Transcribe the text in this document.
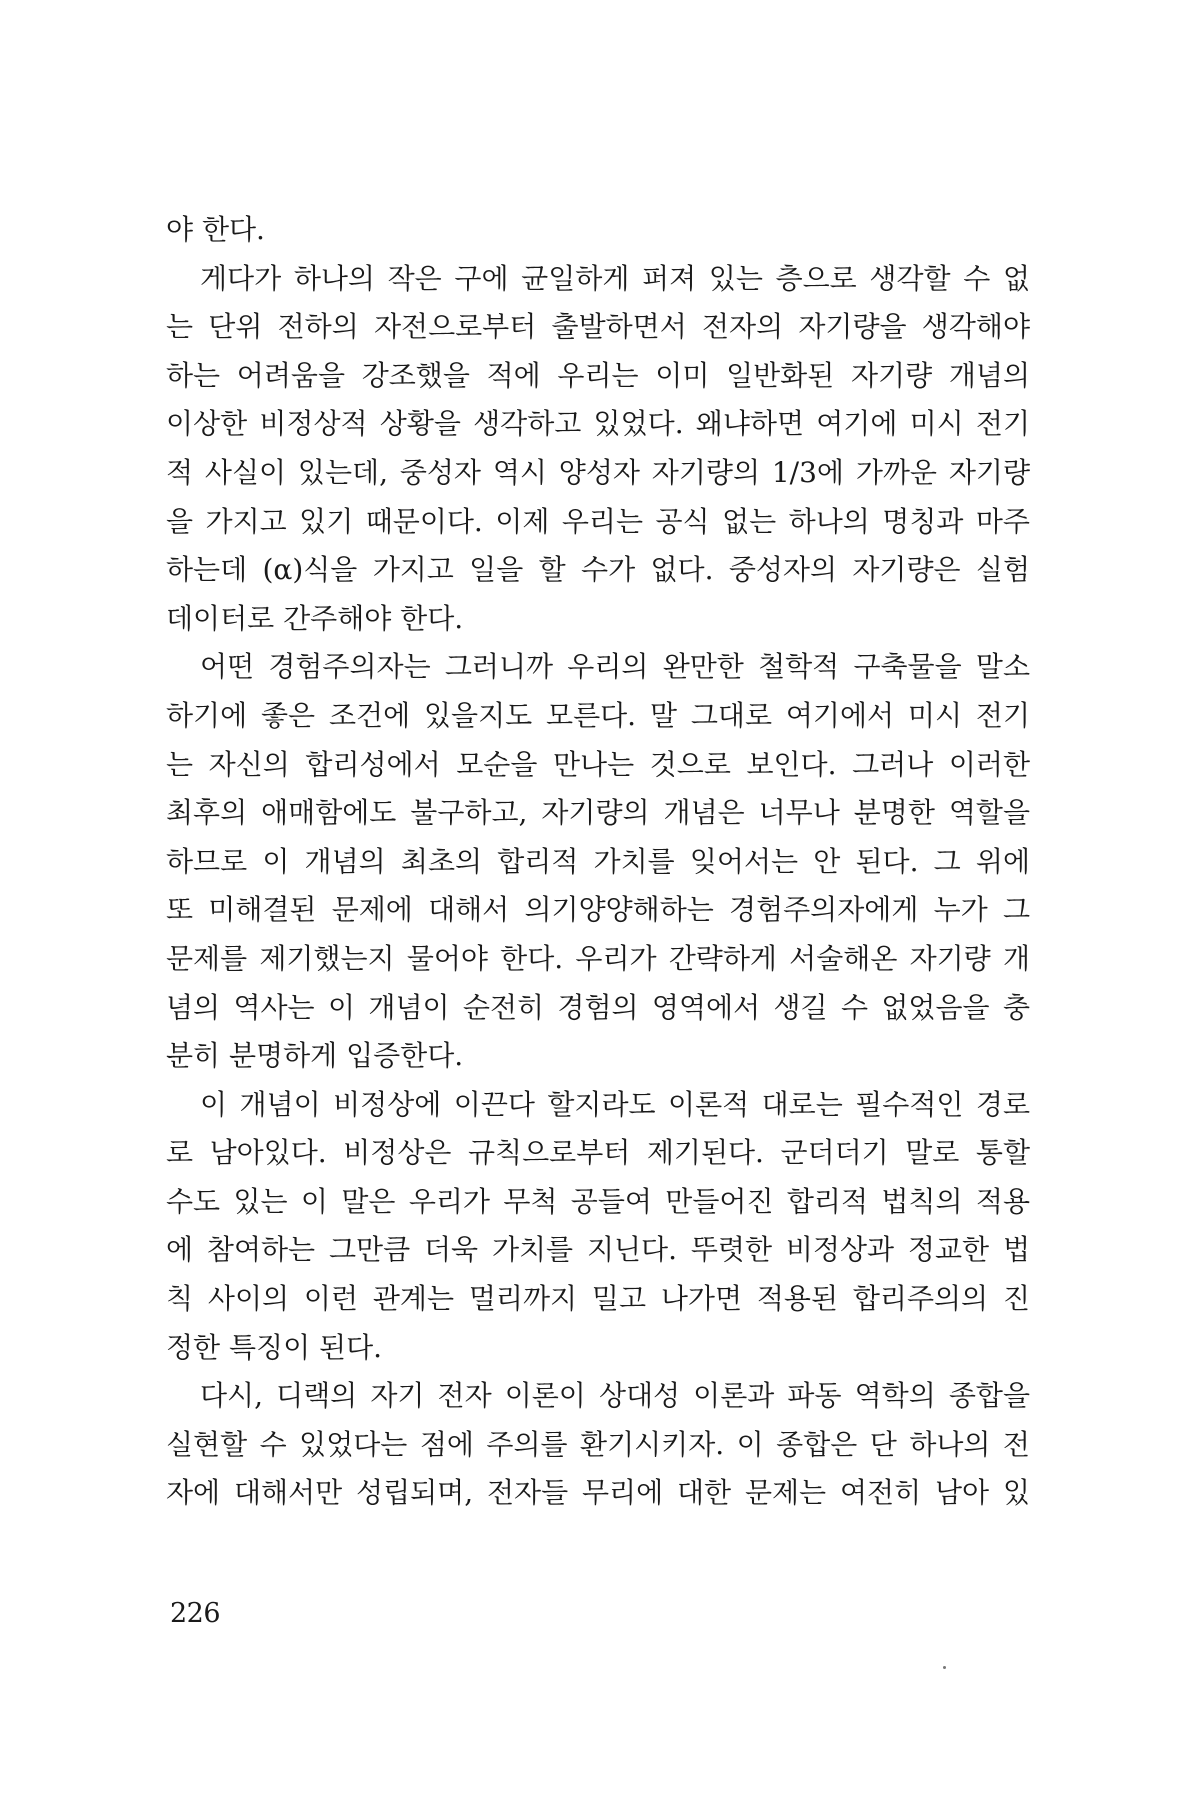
야 한다.
게다가 하나의 작은 구에 균일하게 퍼져 있는 층으로 생각할 수 없
는 단위 전하의 자전으로부터 출발하면서 전자의 자기량을 생각해야
하는 어려움을 강조했을 적에 우리는 이미 일반화된 자기량 개념의
이상한 비정상적 상황을 생각하고 있었다. 왜냐하면 여기에 미시 전기
적 사실이 있는데, 중성자 역시 양성자 자기량의 1/3에 가까운 자기량
을 가지고 있기 때문이다. 이제 우리는 공식 없는 하나의 명칭과 마주
하는데 (α)식을 가지고 일을 할 수가 없다. 중성자의 자기량은 실험
데이터로 간주해야 한다.
어떤 경험주의자는 그러니까 우리의 완만한 철학적 구축물을 말소
하기에 좋은 조건에 있을지도 모른다. 말 그대로 여기에서 미시 전기
는 자신의 합리성에서 모순을 만나는 것으로 보인다. 그러나 이러한
최후의 애매함에도 불구하고, 자기량의 개념은 너무나 분명한 역할을
하므로 이 개념의 최초의 합리적 가치를 잊어서는 안 된다. 그 위에
또 미해결된 문제에 대해서 의기양양해하는 경험주의자에게 누가 그
문제를 제기했는지 물어야 한다. 우리가 간략하게 서술해온 자기량 개
념의 역사는 이 개념이 순전히 경험의 영역에서 생길 수 없었음을 충
분히 분명하게 입증한다.
이 개념이 비정상에 이끈다 할지라도 이론적 대로는 필수적인 경로
로 남아있다. 비정상은 규칙으로부터 제기된다. 군더더기 말로 통할
수도 있는 이 말은 우리가 무척 공들여 만들어진 합리적 법칙의 적용
에 참여하는 그만큼 더욱 가치를 지닌다. 뚜렷한 비정상과 정교한 법
칙 사이의 이런 관계는 멀리까지 밀고 나가면 적용된 합리주의의 진
정한 특징이 된다.
다시, 디랙의 자기 전자 이론이 상대성 이론과 파동 역학의 종합을
실현할 수 있었다는 점에 주의를 환기시키자. 이 종합은 단 하나의 전
자에 대해서만 성립되며, 전자들 무리에 대한 문제는 여전히 남아 있
226
